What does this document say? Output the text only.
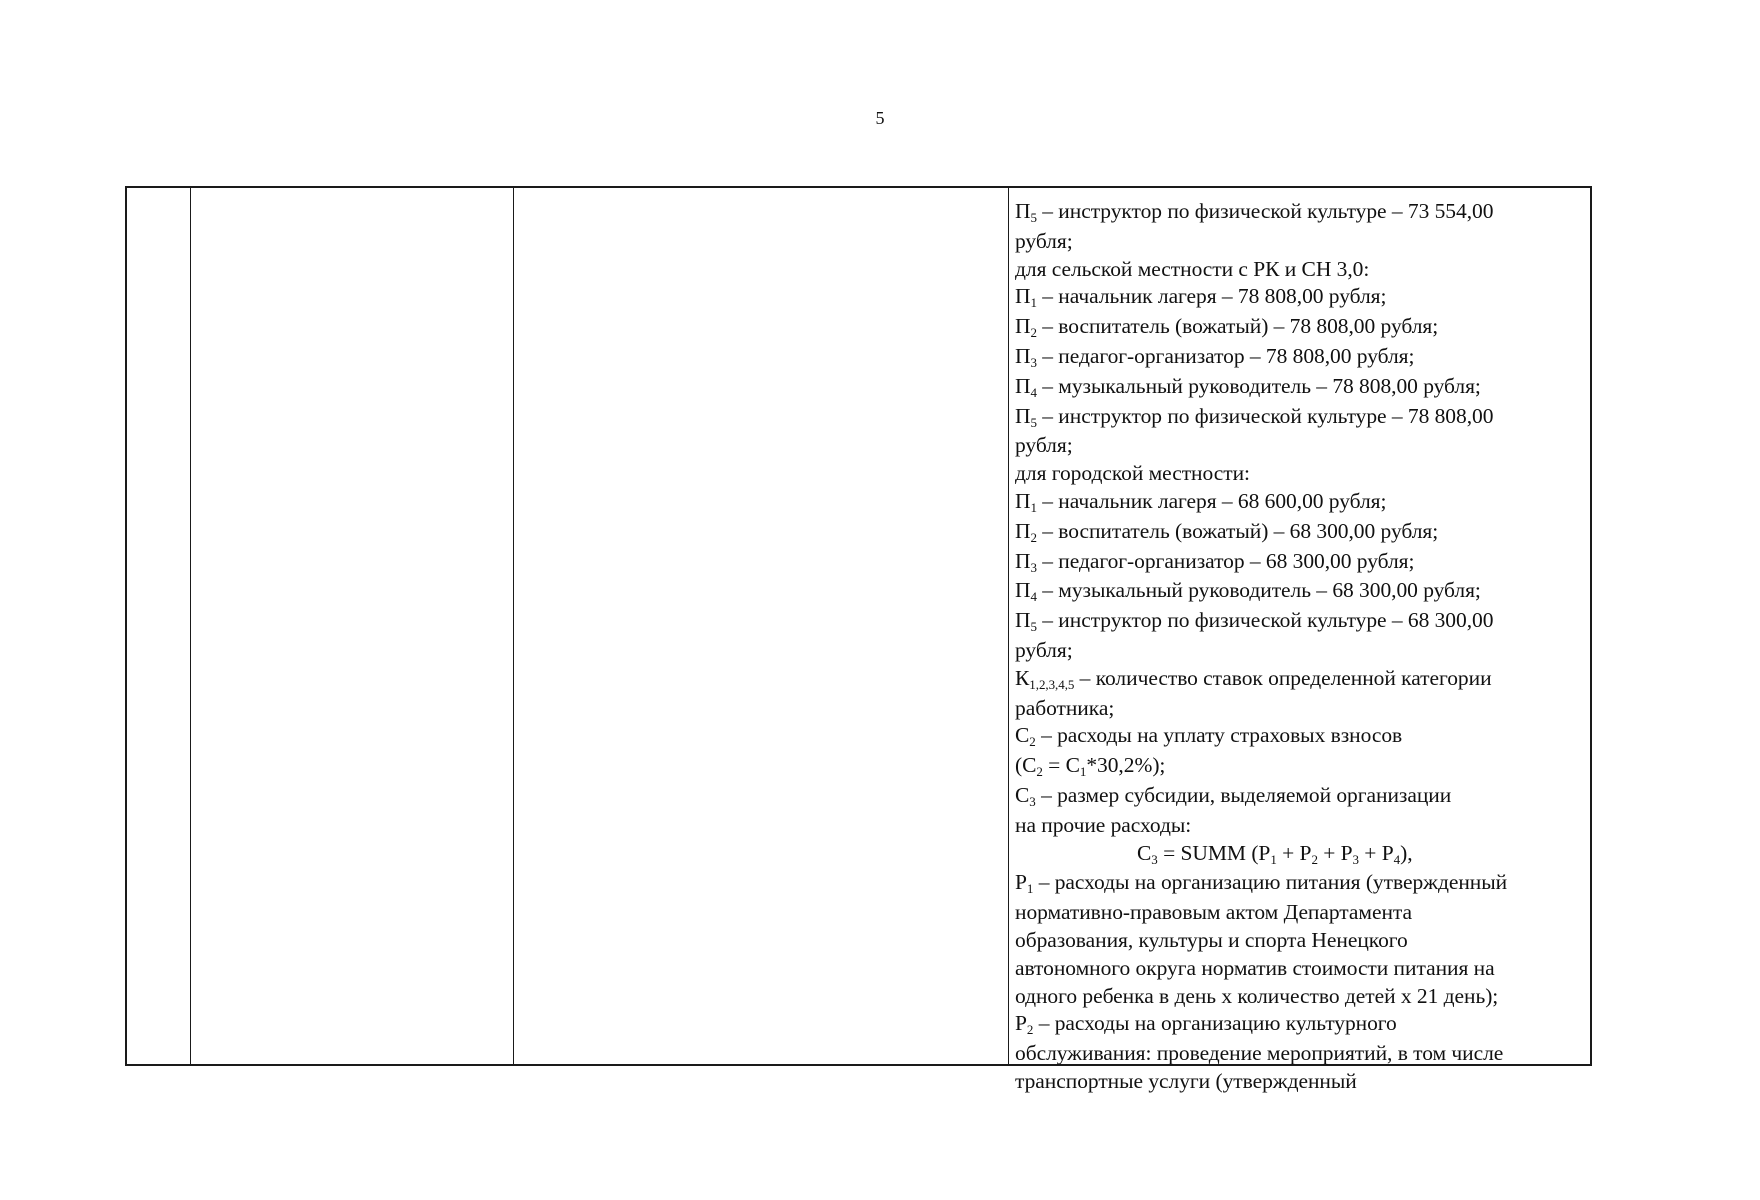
5
$П_5$ – инструктор по физической культуре – 73 554,00
рубля;
для сельской местности с РК и СН 3,0:
$П_1$ – начальник лагеря – 78 808,00 рубля;
$П_2$ – воспитатель (вожатый) – 78 808,00 рубля;
$П_3$ – педагог-организатор – 78 808,00 рубля;
$П_4$ – музыкальный руководитель – 78 808,00 рубля;
$П_5$ – инструктор по физической культуре – 78 808,00
рубля;
для городской местности:
$П_1$ – начальник лагеря – 68 600,00 рубля;
$П_2$ – воспитатель (вожатый) – 68 300,00 рубля;
$П_3$ – педагог-организатор – 68 300,00 рубля;
$П_4$ – музыкальный руководитель – 68 300,00 рубля;
$П_5$ – инструктор по физической культуре – 68 300,00
рубля;
$К_{1,2,3,4,5}$ – количество ставок определенной категории
работника;
$С_2$ – расходы на уплату страховых взносов
$(С_2 = С_1*30,2\%)$;
$С_3$ – размер субсидии, выделяемой организации
на прочие расходы:
$С_3$ = SUMM $(Р_1 + Р_2 + Р_3 + Р_4)$,
$Р_1$ – расходы на организацию питания (утвержденный
нормативно-правовым актом Департамента
образования, культуры и спорта Ненецкого
автономного округа норматив стоимости питания на
одного ребенка в день х количество детей х 21 день);
$Р_2$ – расходы на организацию культурного
обслуживания: проведение мероприятий, в том числе
транспортные услуги (утвержденный
